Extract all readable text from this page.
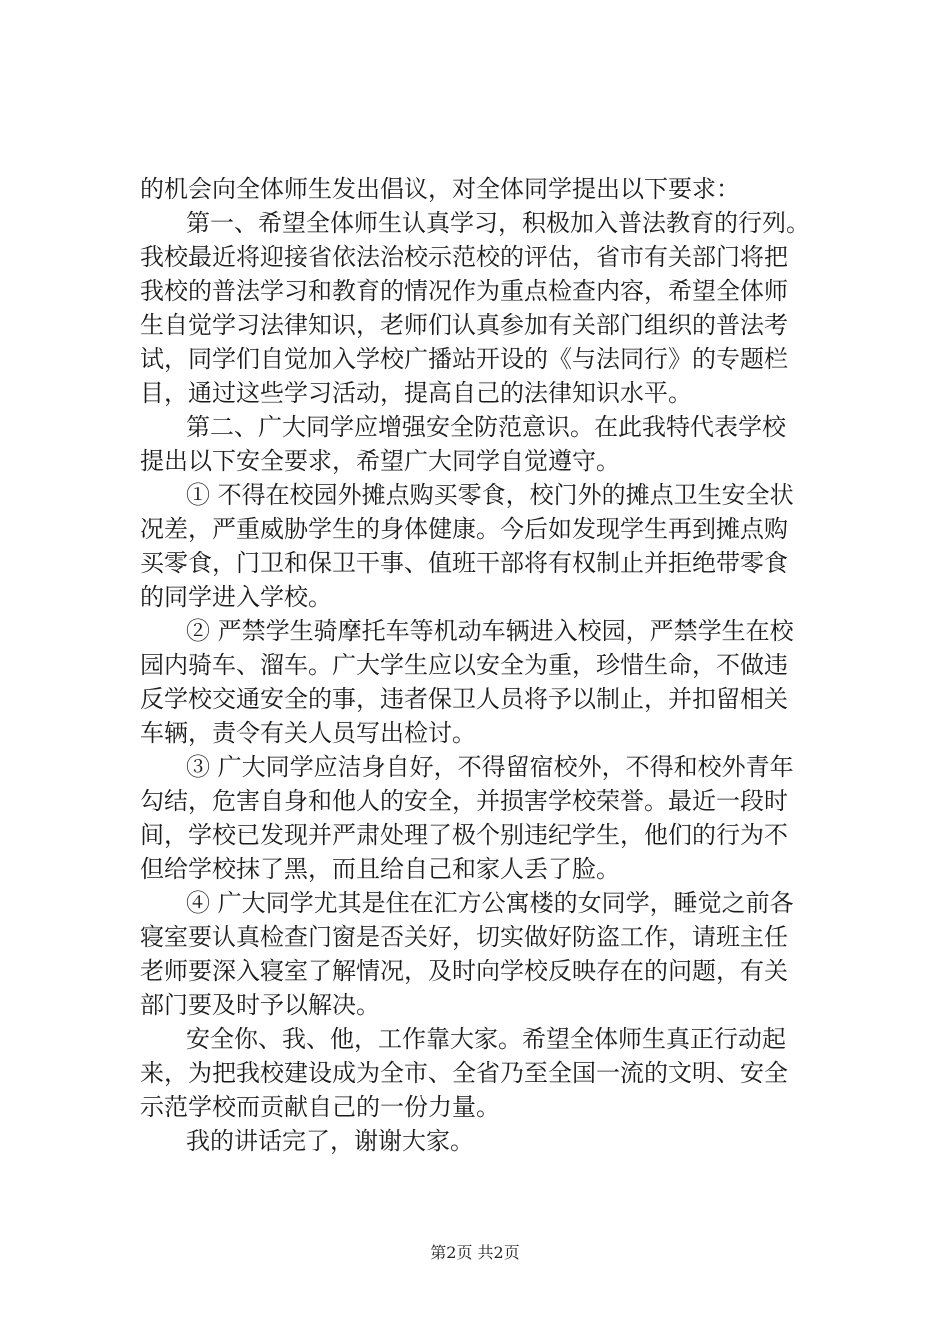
的机会向全体师生发出倡议，对全体同学提出以下要求：
第一、希望全体师生认真学习，积极加入普法教育的行列。
我校最近将迎接省依法治校示范校的评估，省市有关部门将把
我校的普法学习和教育的情况作为重点检查内容，希望全体师
生自觉学习法律知识，老师们认真参加有关部门组织的普法考
试，同学们自觉加入学校广播站开设的《与法同行》的专题栏
目，通过这些学习活动，提高自己的法律知识水平。
第二、广大同学应增强安全防范意识。在此我特代表学校
提出以下安全要求，希望广大同学自觉遵守。
① 不得在校园外摊点购买零食，校门外的摊点卫生安全状
况差，严重威胁学生的身体健康。今后如发现学生再到摊点购
买零食，门卫和保卫干事、值班干部将有权制止并拒绝带零食
的同学进入学校。
② 严禁学生骑摩托车等机动车辆进入校园，严禁学生在校
园内骑车、溜车。广大学生应以安全为重，珍惜生命，不做违
反学校交通安全的事，违者保卫人员将予以制止，并扣留相关
车辆，责令有关人员写出检讨。
③ 广大同学应洁身自好，不得留宿校外，不得和校外青年
勾结，危害自身和他人的安全，并损害学校荣誉。最近一段时
间，学校已发现并严肃处理了极个别违纪学生，他们的行为不
但给学校抹了黑，而且给自己和家人丢了脸。
④ 广大同学尤其是住在汇方公寓楼的女同学，睡觉之前各
寝室要认真检查门窗是否关好，切实做好防盗工作，请班主任
老师要深入寝室了解情况，及时向学校反映存在的问题，有关
部门要及时予以解决。
安全你、我、他，工作靠大家。希望全体师生真正行动起
来，为把我校建设成为全市、全省乃至全国一流的文明、安全
示范学校而贡献自己的一份力量。
我的讲话完了，谢谢大家。
第2页 共2页
